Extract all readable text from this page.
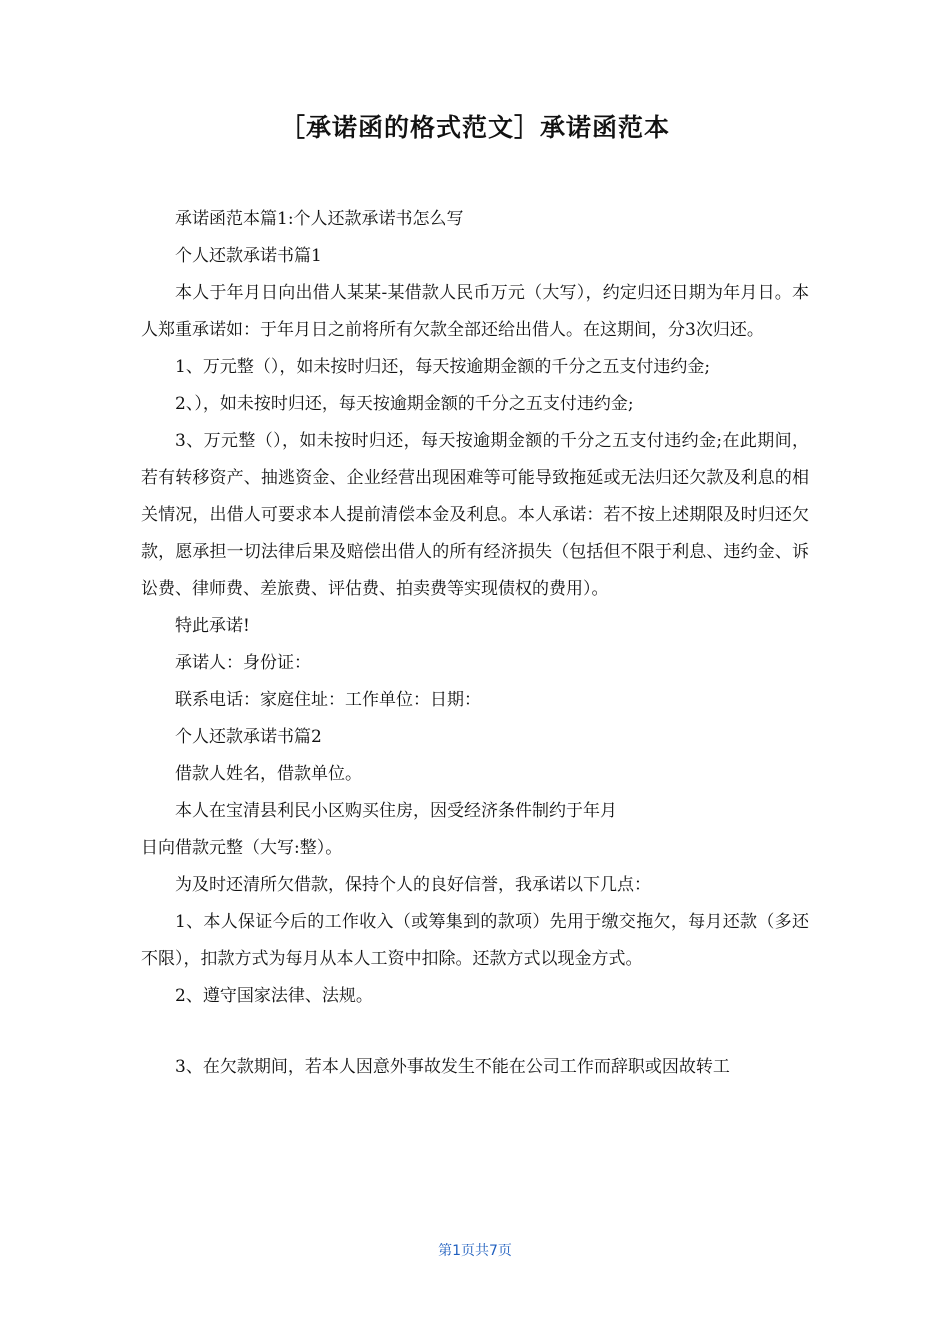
［承诺函的格式范文］承诺函范本

承诺函范本篇1:个人还款承诺书怎么写

个人还款承诺书篇1

本人于年月日向出借人某某-某借款人民币万元（大写），约定归还日期为年月日。本人郑重承诺如：于年月日之前将所有欠款全部还给出借人。在这期间，分3次归还。

1、万元整（），如未按时归还，每天按逾期金额的千分之五支付违约金;

2、），如未按时归还，每天按逾期金额的千分之五支付违约金;

3、万元整（），如未按时归还，每天按逾期金额的千分之五支付违约金;在此期间，若有转移资产、抽逃资金、企业经营出现困难等可能导致拖延或无法归还欠款及利息的相关情况，出借人可要求本人提前清偿本金及利息。本人承诺：若不按上述期限及时归还欠款，愿承担一切法律后果及赔偿出借人的所有经济损失（包括但不限于利息、违约金、诉讼费、律师费、差旅费、评估费、拍卖费等实现债权的费用）。

特此承诺!

承诺人：身份证：

联系电话：家庭住址：工作单位：日期：

个人还款承诺书篇2

借款人姓名，借款单位。

本人在宝清县利民小区购买住房，因受经济条件制约于年月

日向借款元整（大写:整）。

为及时还清所欠借款，保持个人的良好信誉，我承诺以下几点：

1、本人保证今后的工作收入（或筹集到的款项）先用于缴交拖欠，每月还款（多还不限），扣款方式为每月从本人工资中扣除。还款方式以现金方式。

2、遵守国家法律、法规。

3、在欠款期间，若本人因意外事故发生不能在公司工作而辞职或因故转工

第1页共7页
